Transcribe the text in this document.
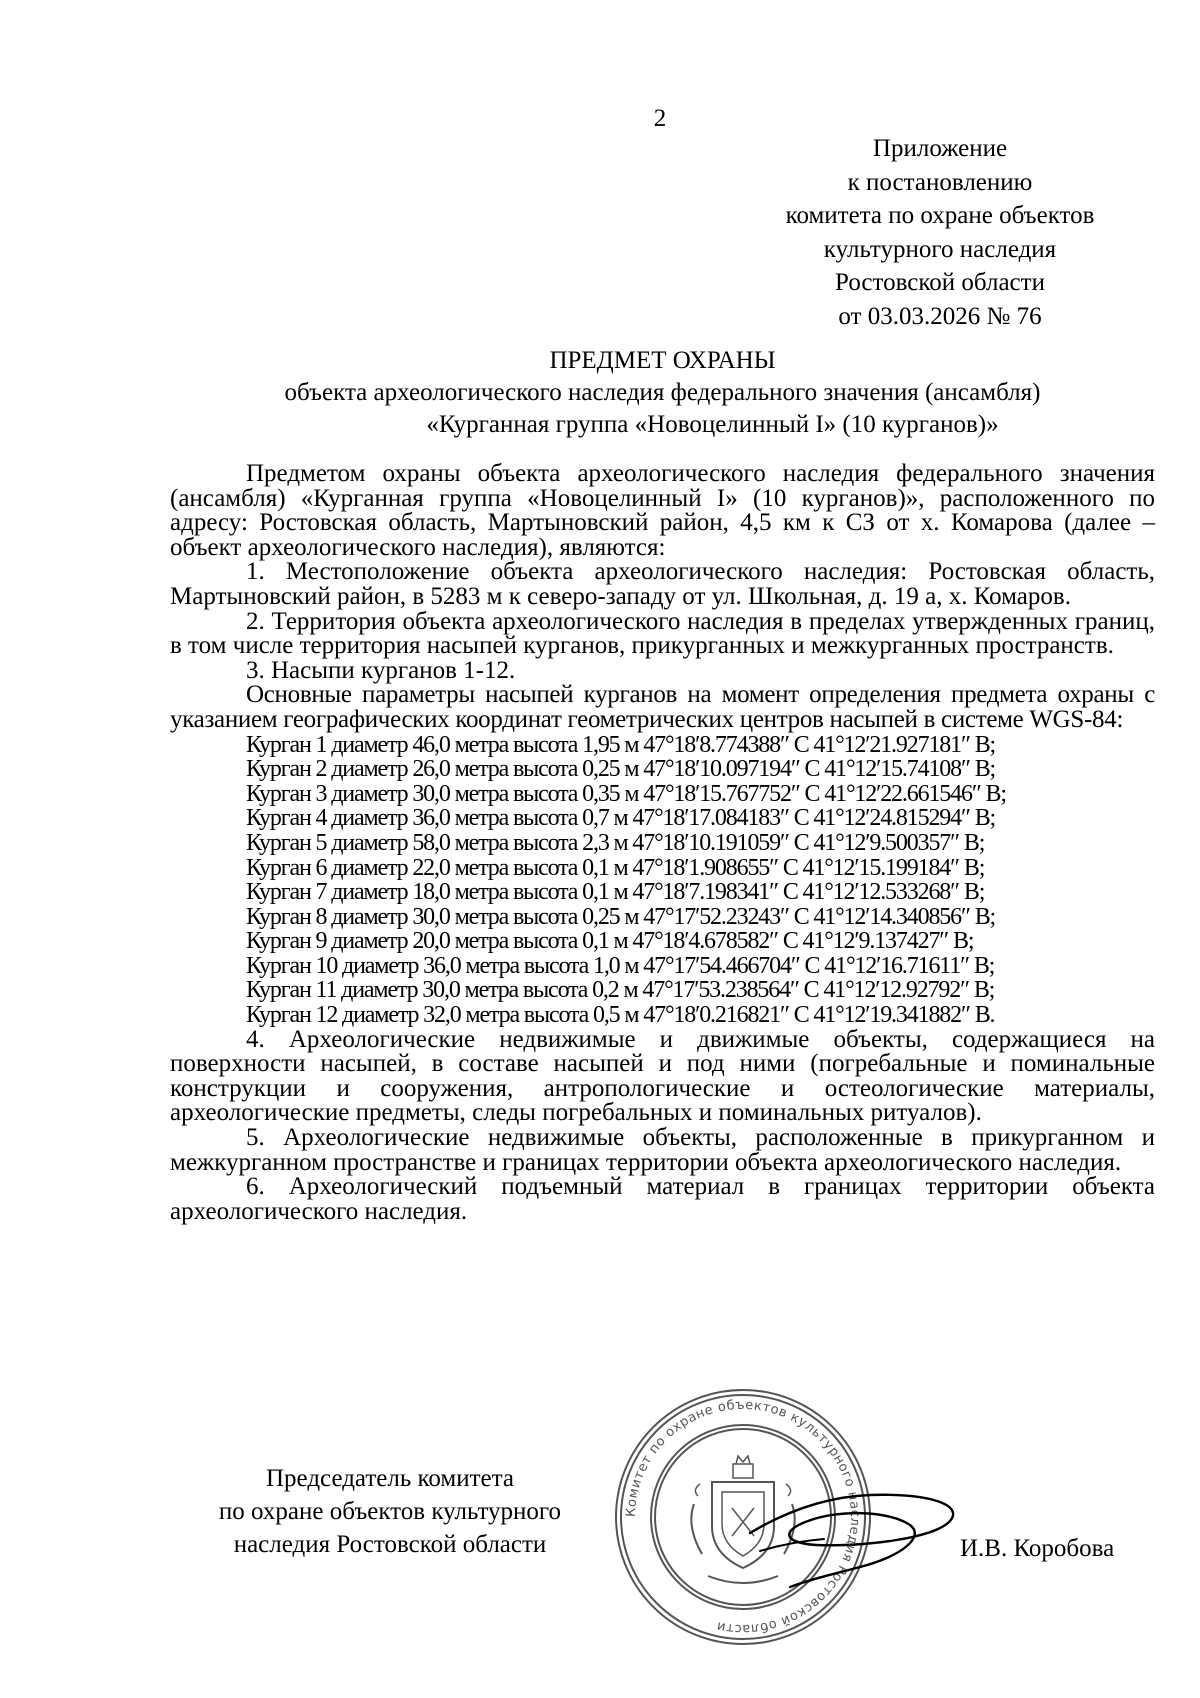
2
Приложение
к постановлению
комитета по охране объектов
культурного наследия
Ростовской области
от 03.03.2026 № 76
ПРЕДМЕТ ОХРАНЫ
объекта археологического наследия федерального значения (ансамбля)
«Курганная группа «Новоцелинный I» (10 курганов)»

Предметом охраны объекта археологического наследия федерального значения (ансамбля) «Курганная группа «Новоцелинный I» (10 курганов)», расположенного по адресу: Ростовская область, Мартыновский район, 4,5 км к СЗ от х. Комарова (далее – объект археологического наследия), являются:

1. Местоположение объекта археологического наследия: Ростовская область, Мартыновский район, в 5283 м к северо-западу от ул. Школьная, д. 19 а, х. Комаров.

2. Территория объекта археологического наследия в пределах утвержденных границ, в том числе территория насыпей курганов, прикурганных и межкурганных пространств.

3. Насыпи курганов 1-12.

Основные параметры насыпей курганов на момент определения предмета охраны с указанием географических координат геометрических центров насыпей в системе WGS-84:

Курган 1 диаметр 46,0 метра высота 1,95 м 47°18′8.774388″ С 41°12′21.927181″ В;
Курган 2 диаметр 26,0 метра высота 0,25 м 47°18′10.097194″ С 41°12′15.74108″ В;
Курган 3 диаметр 30,0 метра высота 0,35 м 47°18′15.767752″ С 41°12′22.661546″ В;
Курган 4 диаметр 36,0 метра высота 0,7 м 47°18′17.084183″ С 41°12′24.815294″ В;
Курган 5 диаметр 58,0 метра высота 2,3 м 47°18′10.191059″ С 41°12′9.500357″ В;
Курган 6 диаметр 22,0 метра высота 0,1 м 47°18′1.908655″ С 41°12′15.199184″ В;
Курган 7 диаметр 18,0 метра высота 0,1 м 47°18′7.198341″ С 41°12′12.533268″ В;
Курган 8 диаметр 30,0 метра высота 0,25 м 47°17′52.23243″ С 41°12′14.340856″ В;
Курган 9 диаметр 20,0 метра высота 0,1 м 47°18′4.678582″ С 41°12′9.137427″ В;
Курган 10 диаметр 36,0 метра высота 1,0 м 47°17′54.466704″ С 41°12′16.71611″ В;
Курган 11 диаметр 30,0 метра высота 0,2 м 47°17′53.238564″ С 41°12′12.92792″ В;
Курган 12 диаметр 32,0 метра высота 0,5 м 47°18′0.216821″ С 41°12′19.341882″ В.

4. Археологические недвижимые и движимые объекты, содержащиеся на поверхности насыпей, в составе насыпей и под ними (погребальные и поминальные конструкции и сооружения, антропологические и остеологические материалы, археологические предметы, следы погребальных и поминальных ритуалов).

5. Археологические недвижимые объекты, расположенные в прикурганном и межкурганном пространстве и границах территории объекта археологического наследия.

6. Археологический подъемный материал в границах территории объекта археологического наследия.

Комитет по охране объектов культурного наследия Ростовской области
Председатель комитета
по охране объектов культурного
наследия Ростовской области	И.В. Коробова
